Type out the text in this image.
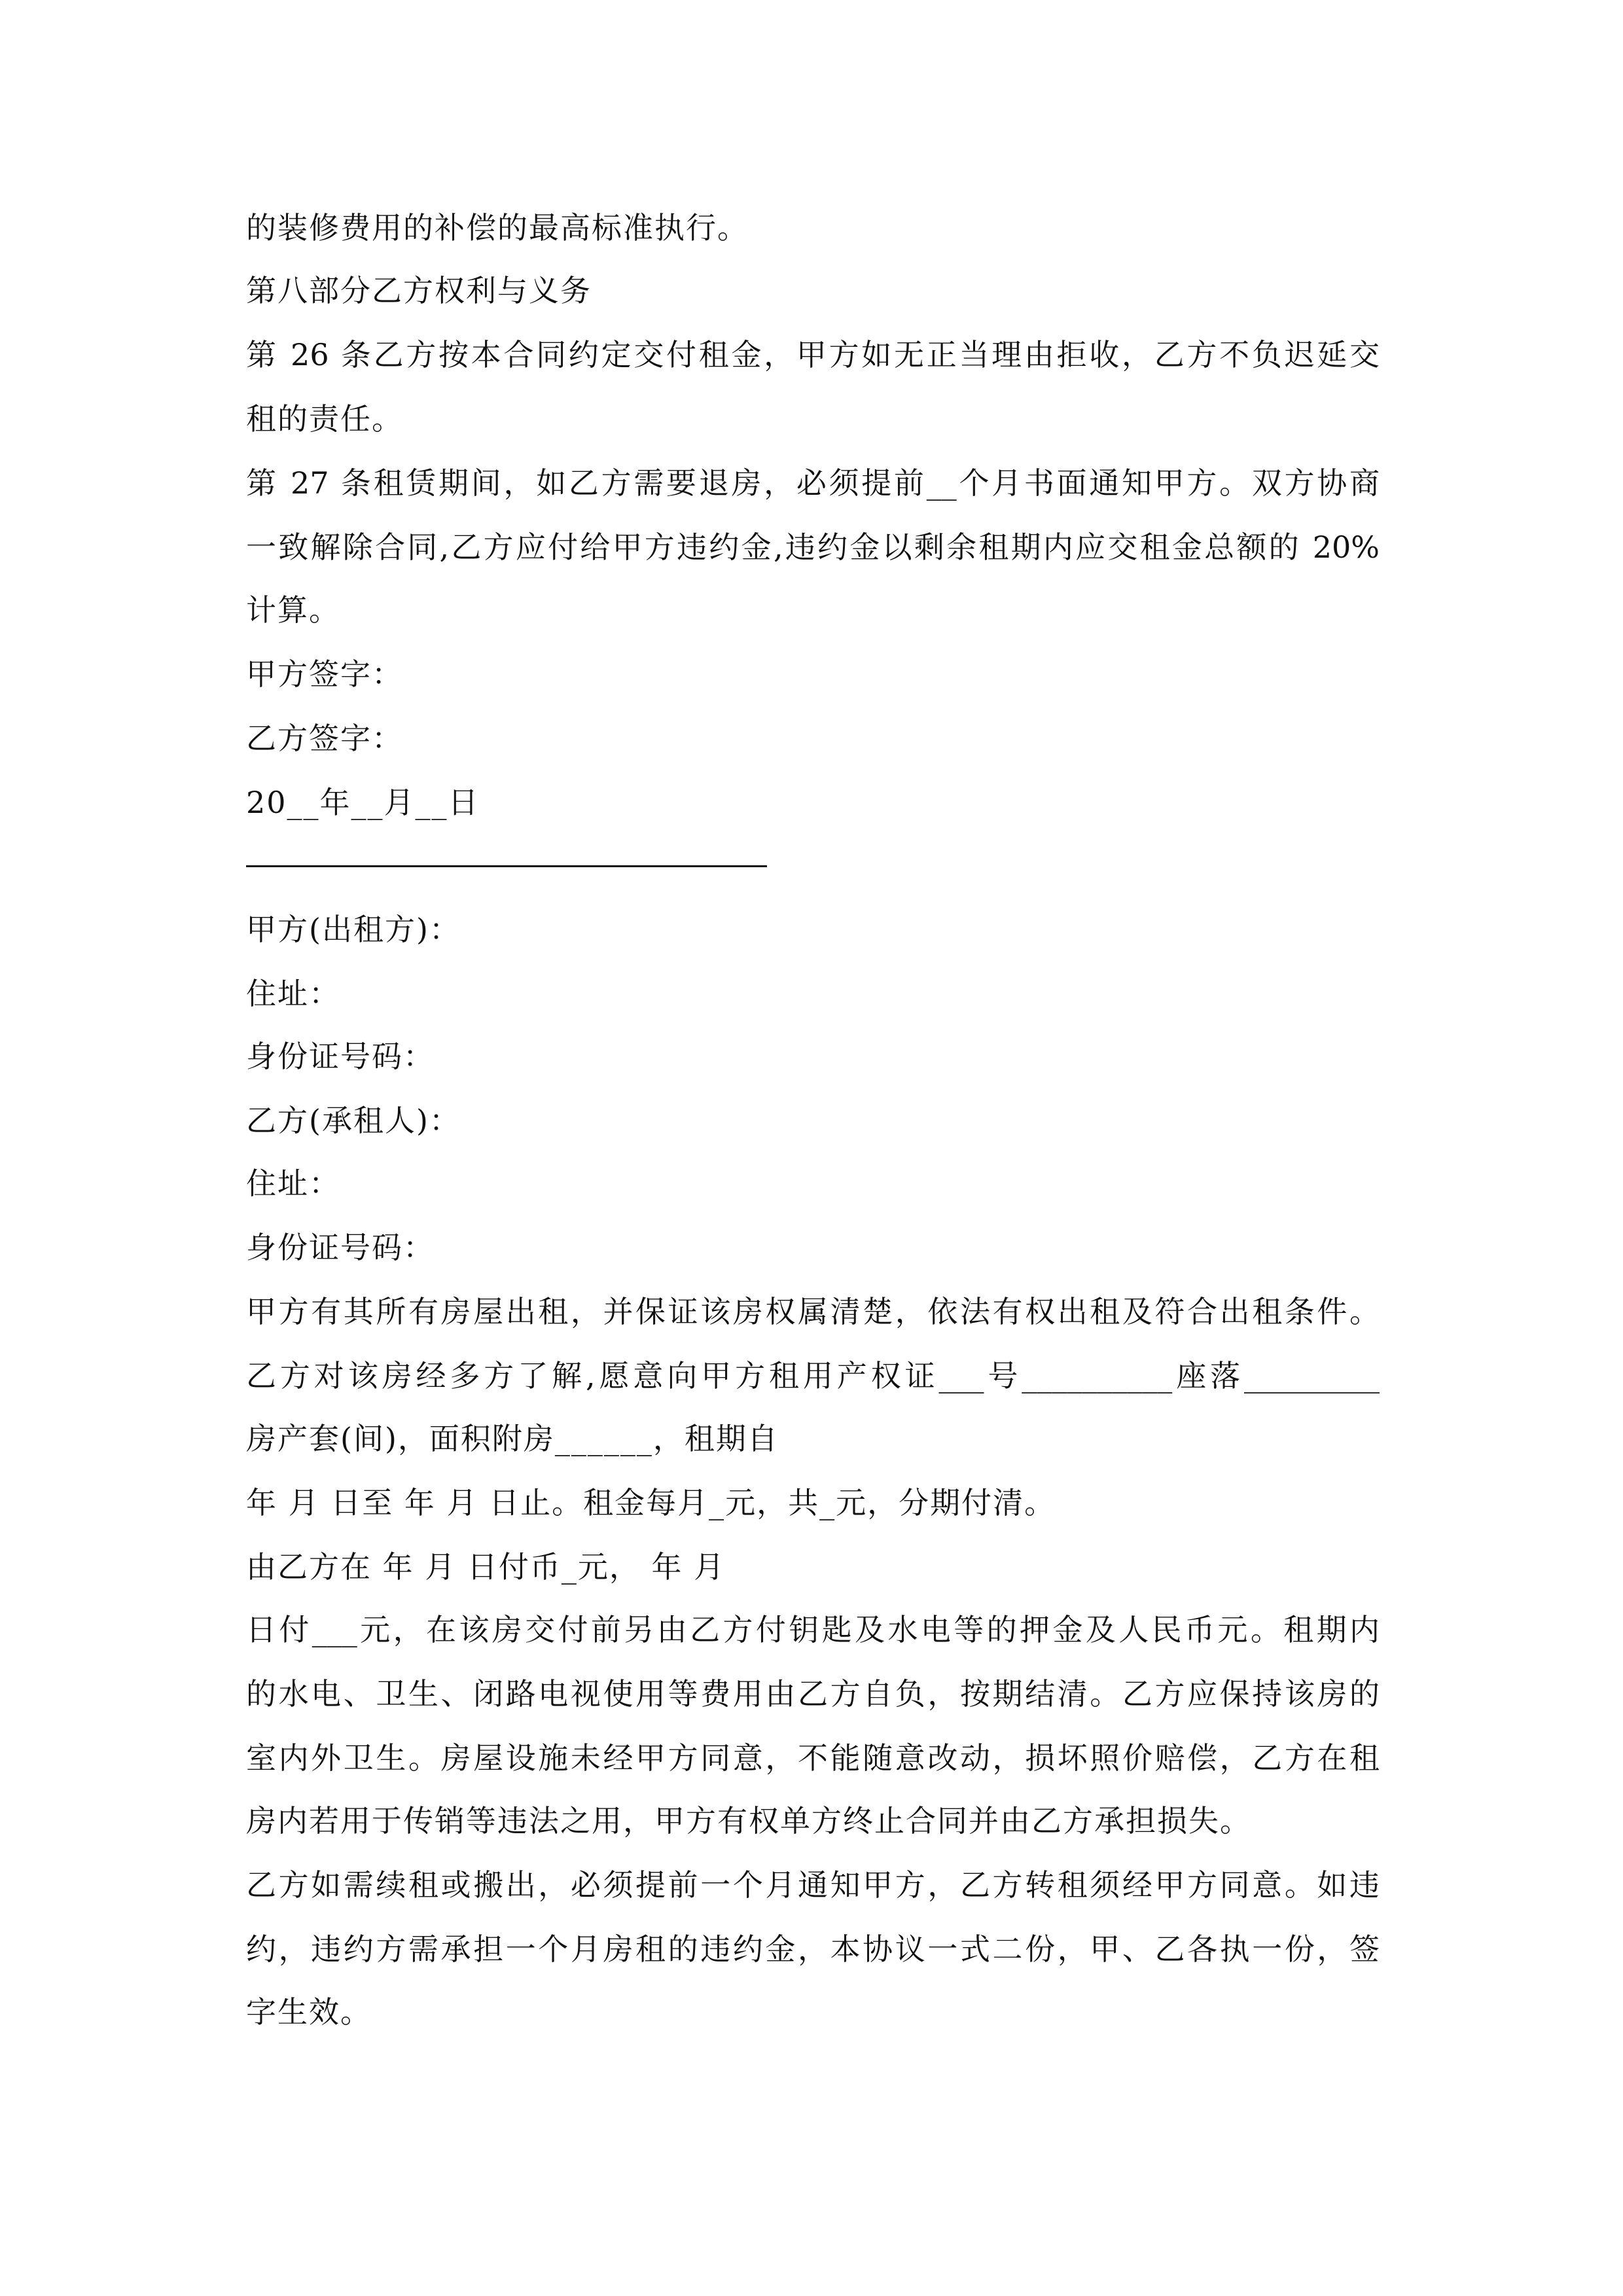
的装修费用的补偿的最高标准执行。
第八部分乙方权利与义务
第 26 条乙方按本合同约定交付租金，甲方如无正当理由拒收，乙方不负迟延交
租的责任。
第 27 条租赁期间，如乙方需要退房，必须提前__个月书面通知甲方。双方协商
一致解除合同,乙方应付给甲方违约金,违约金以剩余租期内应交租金总额的 20%
计算。
甲方签字：
乙方签字：
20__年__月__日
甲方(出租方)：
住址：
身份证号码：
乙方(承租人)：
住址：
身份证号码：
甲方有其所有房屋出租，并保证该房权属清楚，依法有权出租及符合出租条件。
乙方对该房经多方了解,愿意向甲方租用产权证___号__________座落_________
房产套(间)，面积附房______，租期自
年 月 日至 年 月 日止。租金每月_元，共_元，分期付清。
由乙方在 年 月 日付币_元， 年 月
日付___元，在该房交付前另由乙方付钥匙及水电等的押金及人民币元。租期内
的水电、卫生、闭路电视使用等费用由乙方自负，按期结清。乙方应保持该房的
室内外卫生。房屋设施未经甲方同意，不能随意改动，损坏照价赔偿，乙方在租
房内若用于传销等违法之用，甲方有权单方终止合同并由乙方承担损失。
乙方如需续租或搬出，必须提前一个月通知甲方，乙方转租须经甲方同意。如违
约，违约方需承担一个月房租的违约金，本协议一式二份，甲、乙各执一份，签
字生效。
